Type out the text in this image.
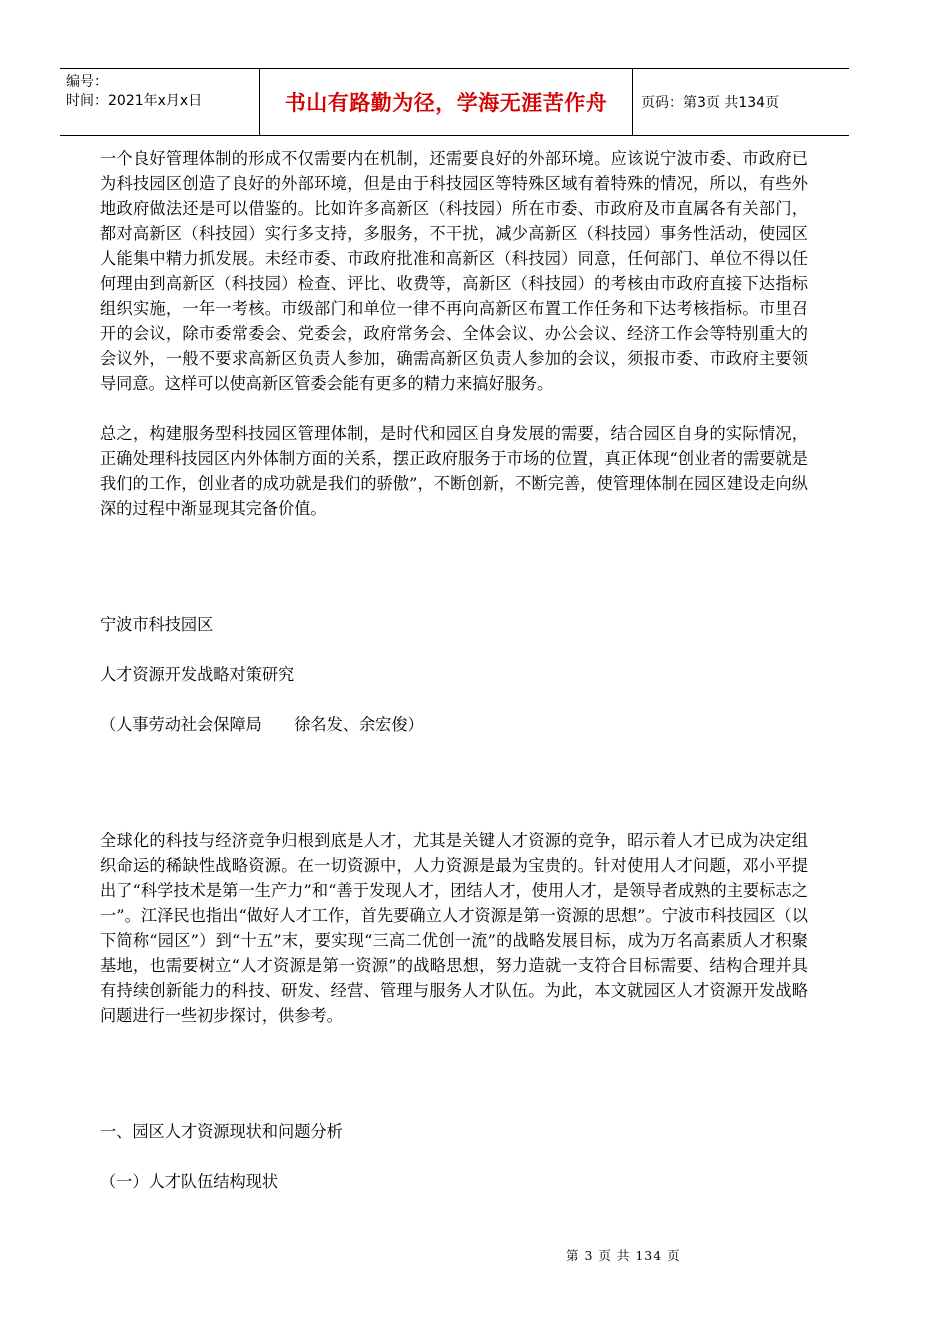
编号：
时间：2021年x月x日	书山有路勤为径，学海无涯苦作舟	页码：第3页 共134页

一个良好管理体制的形成不仅需要内在机制，还需要良好的外部环境。应该说宁波市委、市政府已为科技园区创造了良好的外部环境，但是由于科技园区等特殊区域有着特殊的情况，所以，有些外地政府做法还是可以借鉴的。比如许多高新区（科技园）所在市委、市政府及市直属各有关部门，都对高新区（科技园）实行多支持，多服务，不干扰，减少高新区（科技园）事务性活动，使园区人能集中精力抓发展。未经市委、市政府批准和高新区（科技园）同意，任何部门、单位不得以任何理由到高新区（科技园）检查、评比、收费等，高新区（科技园）的考核由市政府直接下达指标组织实施，一年一考核。市级部门和单位一律不再向高新区布置工作任务和下达考核指标。市里召开的会议，除市委常委会、党委会，政府常务会、全体会议、办公会议、经济工作会等特别重大的会议外，一般不要求高新区负责人参加，确需高新区负责人参加的会议，须报市委、市政府主要领导同意。这样可以使高新区管委会能有更多的精力来搞好服务。

总之，构建服务型科技园区管理体制，是时代和园区自身发展的需要，结合园区自身的实际情况，正确处理科技园区内外体制方面的关系，摆正政府服务于市场的位置，真正体现“创业者的需要就是我们的工作，创业者的成功就是我们的骄傲”，不断创新，不断完善，使管理体制在园区建设走向纵深的过程中渐显现其完备价值。

宁波市科技园区

人才资源开发战略对策研究

（人事劳动社会保障局　　徐名发、余宏俊）

全球化的科技与经济竞争归根到底是人才，尤其是关键人才资源的竞争，昭示着人才已成为决定组织命运的稀缺性战略资源。在一切资源中，人力资源是最为宝贵的。针对使用人才问题，邓小平提出了“科学技术是第一生产力”和“善于发现人才，团结人才，使用人才，是领导者成熟的主要标志之一”。江泽民也指出“做好人才工作，首先要确立人才资源是第一资源的思想”。宁波市科技园区（以下简称“园区”）到“十五”末，要实现“三高二优创一流”的战略发展目标，成为万名高素质人才积聚基地，也需要树立“人才资源是第一资源”的战略思想，努力造就一支符合目标需要、结构合理并具有持续创新能力的科技、研发、经营、管理与服务人才队伍。为此，本文就园区人才资源开发战略问题进行一些初步探讨，供参考。

一、园区人才资源现状和问题分析

（一）人才队伍结构现状

第 3 页 共 134 页
